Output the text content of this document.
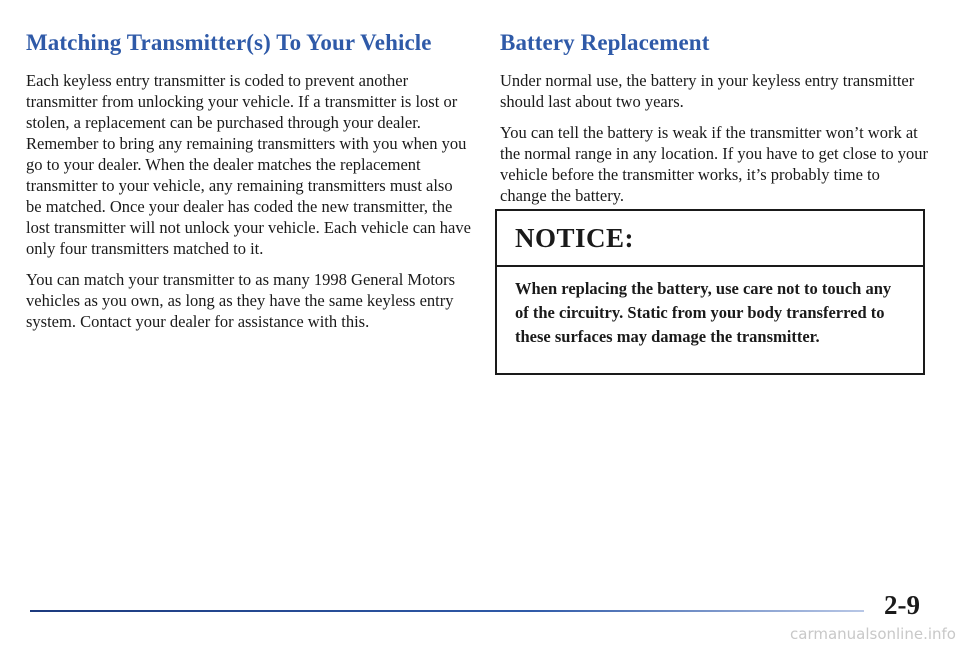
Matching Transmitter(s) To Your Vehicle

Each keyless entry transmitter is coded to prevent another transmitter from unlocking your vehicle. If a transmitter is lost or stolen, a replacement can be purchased through your dealer. Remember to bring any remaining transmitters with you when you go to your dealer. When the dealer matches the replacement transmitter to your vehicle, any remaining transmitters must also be matched. Once your dealer has coded the new transmitter, the lost transmitter will not unlock your vehicle. Each vehicle can have only four transmitters matched to it.

You can match your transmitter to as many 1998 General Motors vehicles as you own, as long as they have the same keyless entry system. Contact your dealer for assistance with this.

Battery Replacement

Under normal use, the battery in your keyless entry transmitter should last about two years.

You can tell the battery is weak if the transmitter won’t work at the normal range in any location. If you have to get close to your vehicle before the transmitter works, it’s probably time to change the battery.

NOTICE:
When replacing the battery, use care not to touch any of the circuitry. Static from your body transferred to these surfaces may damage the transmitter.
2-9
carmanualsonline.info
